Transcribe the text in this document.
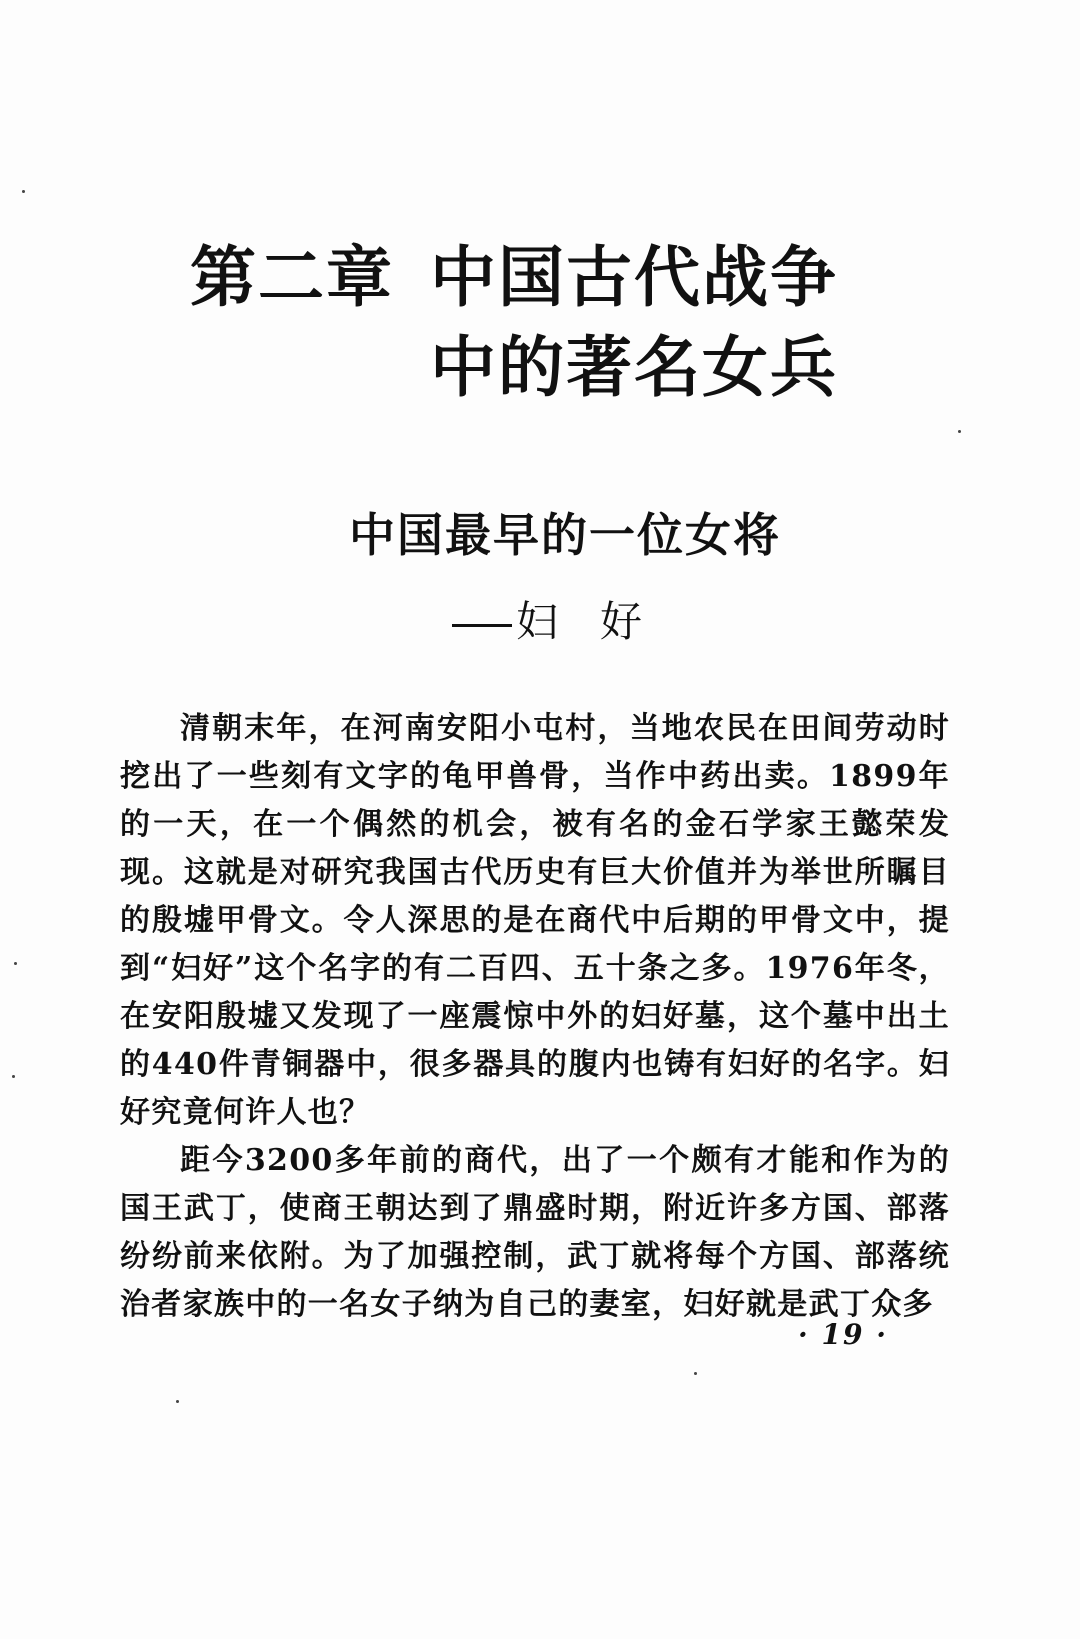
第二章 中国古代战争
中的著名女兵
中国最早的一位女将
妇　好

清朝末年，在河南安阳小屯村，当地农民在田间劳动时挖出了一些刻有文字的龟甲兽骨，当作中药出卖。1899年的一天，在一个偶然的机会，被有名的金石学家王懿荣发现。这就是对研究我国古代历史有巨大价值并为举世所瞩目的殷墟甲骨文。令人深思的是在商代中后期的甲骨文中，提到“妇好”这个名字的有二百四、五十条之多。1976年冬，在安阳殷墟又发现了一座震惊中外的妇好墓，这个墓中出土的440件青铜器中，很多器具的腹内也铸有妇好的名字。妇好究竟何许人也？

距今3200多年前的商代，出了一个颇有才能和作为的国王武丁，使商王朝达到了鼎盛时期，附近许多方国、部落纷纷前来依附。为了加强控制，武丁就将每个方国、部落统治者家族中的一名女子纳为自己的妻室，妇好就是武丁众多

· 19 ·
